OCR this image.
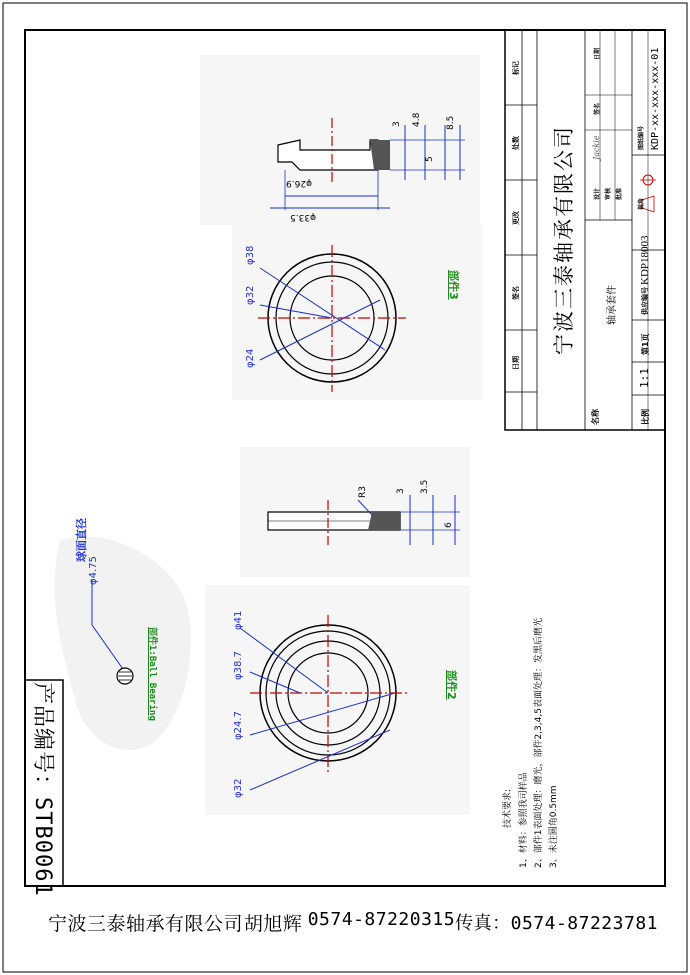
产品编号：STB0061
球面直径
φ4.75
部件1:Ball Bearing	部件2
φ41
φ38.7
φ24.7
φ32
R3	3 3.5
6
部件3
φ38
φ32
φ24
3 4.8	8.5
5
φ26.9
φ33.5
技术要求: 1、材料：参照我司样品 2、部件1表面处理：磨光，部件2,3,4,5表面处理：发黑后磨光 3、未注圆角0.5mm
标记
处数
更改
签名
日期
宁波三泰轴承有限公司
名称
轴承套件
设计 审核 批准
签名
日期
Jackie
比例
1:1
第1页
供应编号
KDP18003
视角
图纸编号 KDP-xx-xxx-xxx-01
宁波三泰轴承有限公司 胡旭辉 0574-87220315 传真：0574-87223781
